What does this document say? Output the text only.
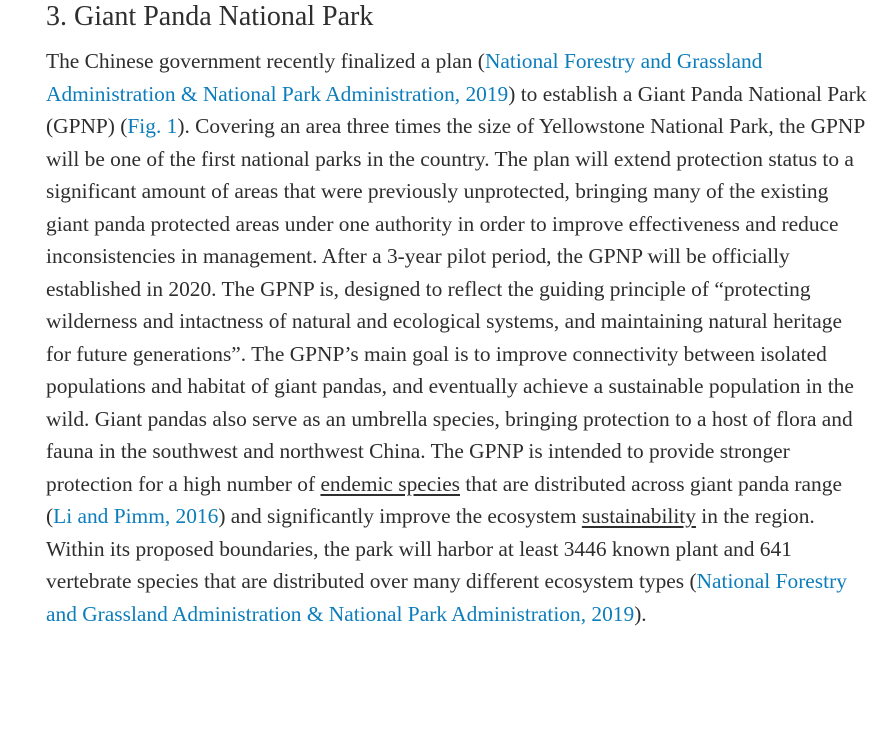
3. Giant Panda National Park

The Chinese government recently finalized a plan (National Forestry and Grassland Administration & National Park Administration, 2019) to establish a Giant Panda National Park (GPNP) (Fig. 1). Covering an area three times the size of Yellowstone National Park, the GPNP will be one of the first national parks in the country. The plan will extend protection status to a significant amount of areas that were previously unprotected, bringing many of the existing giant panda protected areas under one authority in order to improve effectiveness and reduce inconsistencies in management. After a 3-year pilot period, the GPNP will be officially established in 2020. The GPNP is, designed to reflect the guiding principle of “protecting wilderness and intactness of natural and ecological systems, and maintaining natural heritage for future generations”. The GPNP’s main goal is to improve connectivity between isolated populations and habitat of giant pandas, and eventually achieve a sustainable population in the wild. Giant pandas also serve as an umbrella species, bringing protection to a host of flora and fauna in the southwest and northwest China. The GPNP is intended to provide stronger protection for a high number of endemic species that are distributed across giant panda range (Li and Pimm, 2016) and significantly improve the ecosystem sustainability in the region. Within its proposed boundaries, the park will harbor at least 3446 known plant and 641 vertebrate species that are distributed over many different ecosystem types (National Forestry and Grassland Administration & National Park Administration, 2019).
